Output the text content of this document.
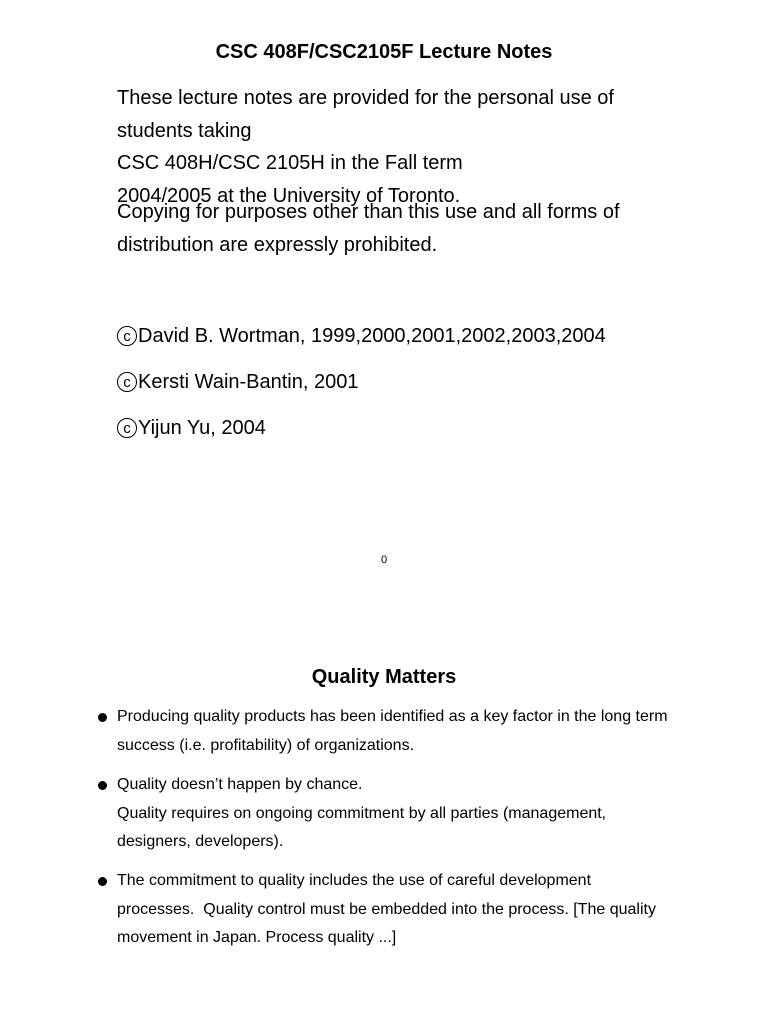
CSC 408F/CSC2105F Lecture Notes

These lecture notes are provided for the personal use of
students taking
CSC 408H/CSC 2105H in the Fall term
2004/2005 at the University of Toronto.

Copying for purposes other than this use and all forms of
distribution are expressly prohibited.

c David B. Wortman, 1999,2000,2001,2002,2003,2004
c Kersti Wain-Bantin, 2001
c Yijun Yu, 2004
0
Quality Matters
Producing quality products has been identified as a key factor in the long term
success (i.e. profitability) of organizations.
Quality doesn’t happen by chance.
Quality requires on ongoing commitment by all parties (management,
designers, developers).
The commitment to quality includes the use of careful development
processes.  Quality control must be embedded into the process. [The quality
movement in Japan. Process quality ...]
